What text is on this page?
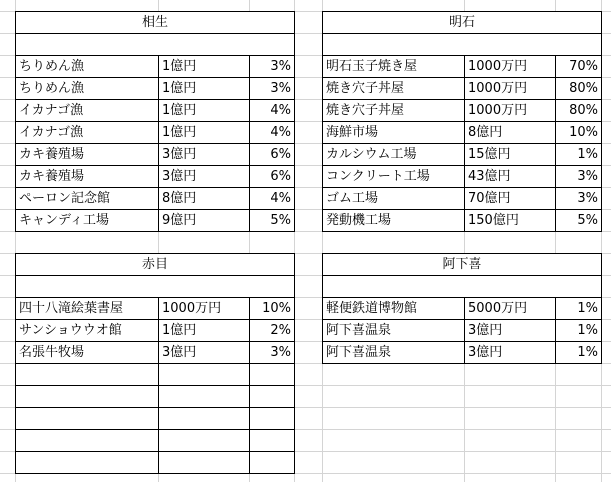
相生
ちりめん漁	1億円	3%
ちりめん漁	1億円	3%
イカナゴ漁	1億円	4%
イカナゴ漁	1億円	4%
カキ養殖場	3億円	6%
カキ養殖場	3億円	6%
ペーロン記念館	8億円	4%
キャンディ工場	9億円	5%
明石
明石玉子焼き屋	1000万円	70%
焼き穴子丼屋	1000万円	80%
焼き穴子丼屋	1000万円	80%
海鮮市場	8億円	10%
カルシウム工場	15億円	1%
コンクリート工場	43億円	3%
ゴム工場	70億円	3%
発動機工場	150億円	5%
赤目
四十八滝絵葉書屋	1000万円	10%
サンショウウオ館	1億円	2%
名張牛牧場	3億円	3%
阿下喜
軽便鉄道博物館	5000万円	1%
阿下喜温泉	3億円	1%
阿下喜温泉	3億円	1%
